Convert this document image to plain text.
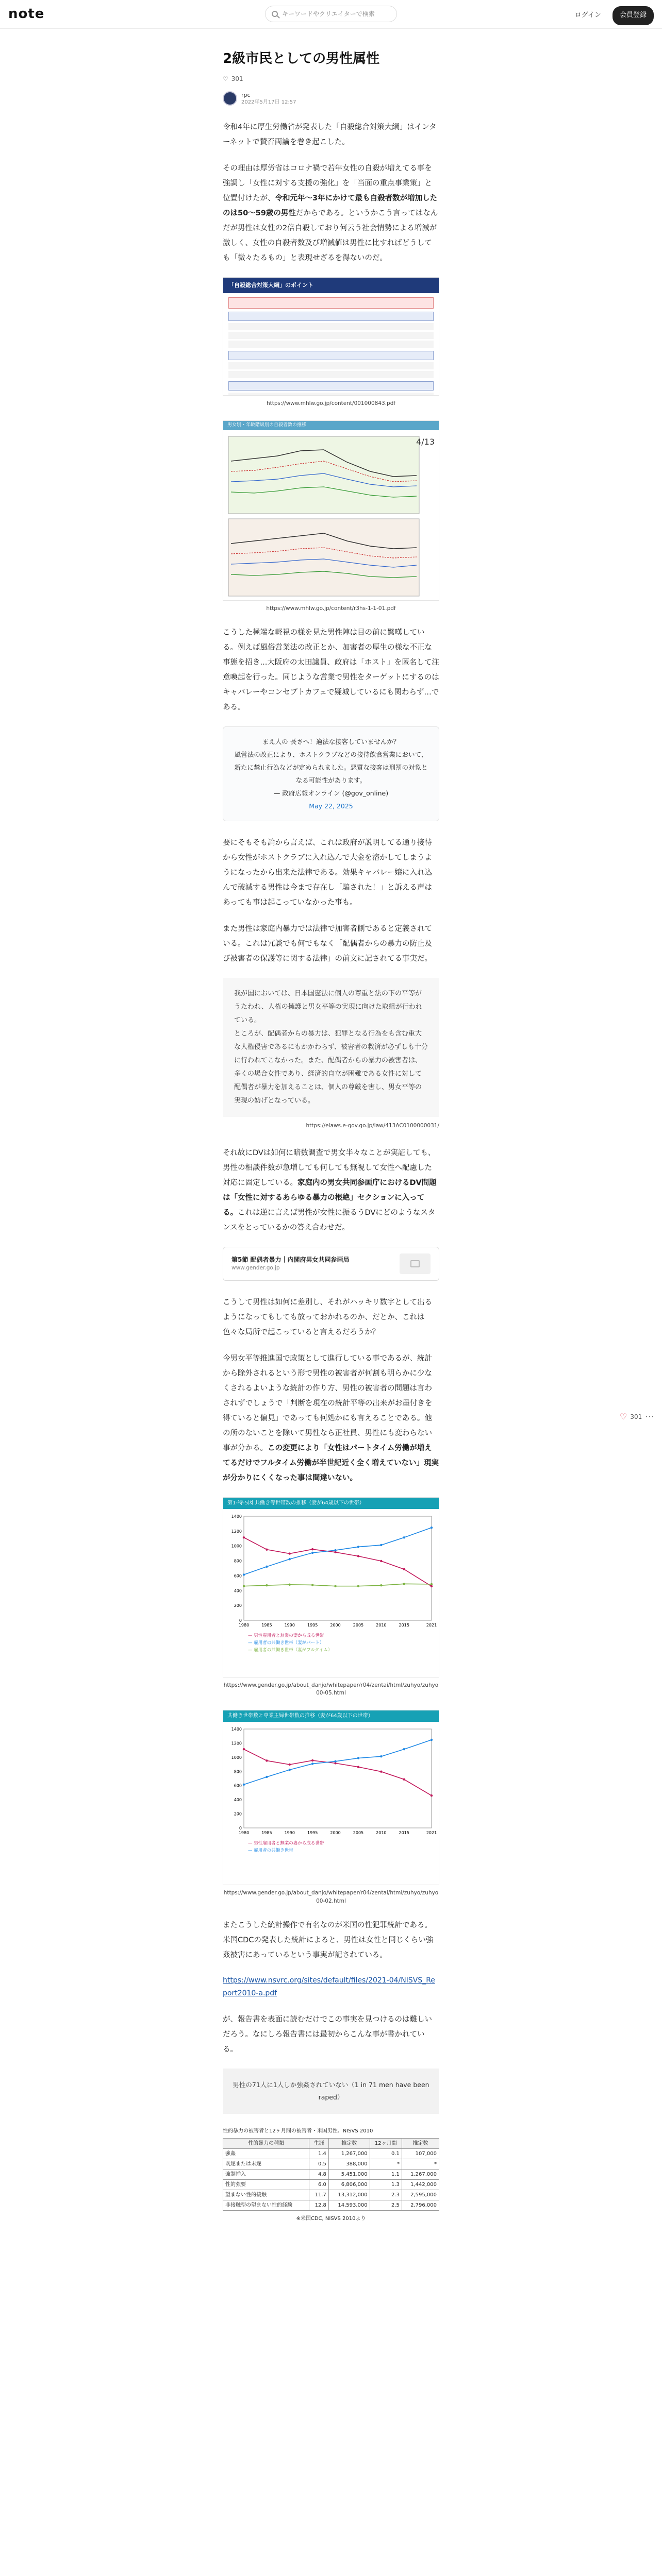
note	キーワードやクリエイターで検索	ログイン	会員登録
♡ 301 ···
2級市民としての男性属性
♡ 301
rpc
2022年5月17日 12:57

令和4年に厚生労働省が発表した「自殺総合対策大綱」はインターネットで賛否両論を巻き起こした。

その理由は厚労省はコロナ禍で若年女性の自殺が増えてる事を強調し「女性に対する支援の強化」を「当面の重点事業策」と位置付けたが、令和元年〜3年にかけて最も自殺者数が増加したのは50〜59歳の男性だからである。というかこう言ってはなんだが男性は女性の2倍自殺しており何云う社会情勢による増減が激しく、女性の自殺者数及び増減値は男性に比すればどうしても「微々たるもの」と表現せざるを得ないのだ。

「自殺総合対策大綱」のポイント
https://www.mhlw.go.jp/content/001000843.pdf
男女別・年齢階級別の自殺者数の推移
4/13
https://www.mhlw.go.jp/content/r3hs-1-1-01.pdf

こうした極端な軽視の様を見た男性陣は目の前に驚嘆している。例えば風俗営業法の改正とか、加害者の厚生の様な不正な事態を招き...大阪府の太田議員、政府は「ホスト」を匿名して注意喚起を行った。同じような営業で男性をターゲットにするのはキャバレーやコンセプトカフェで疑城しているにも関わらず…である。

まえ人の 長さへ！適法な接客していませんか？
風営法の改正により、ホストクラブなどの接待飲食営業において、新たに禁止行為などが定められました。悪質な接客は刑罰の対象となる可能性があります。
— 政府広報オンライン (@gov_online)
May 22, 2025

要にそもそも論から言えば、これは政府が説明してる通り接待から女性がホストクラブに入れ込んで大金を溶かしてしまうようになったから出来た法律である。効果キャバレー嬢に入れ込んで破滅する男性は今まで存在し「騙された！」と訴える声はあっても事は起こっていなかった事も。

また男性は家庭内暴力では法律で加害者側であると定義されている。これは冗談でも何でもなく「配偶者からの暴力の防止及び被害者の保護等に関する法律」の前文に記されてる事実だ。

我が国においては、日本国憲法に個人の尊重と法の下の平等がうたわれ、人権の擁護と男女平等の実現に向けた取組が行われている。
ところが、配偶者からの暴力は、犯罪となる行為をも含む重大な人権侵害であるにもかかわらず、被害者の救済が必ずしも十分に行われてこなかった。また、配偶者からの暴力の被害者は、多くの場合女性であり、経済的自立が困難である女性に対して配偶者が暴力を加えることは、個人の尊厳を害し、男女平等の実現の妨げとなっている。
https://elaws.e-gov.go.jp/law/413AC0100000031/

それ故にDVは如何に暗数調査で男女半々なことが実証しても、男性の相談件数が急増しても何しても無視して女性へ配慮した対応に固定している。家庭内の男女共同参画庁におけるDV問題は「女性に対するあらゆる暴力の根絶」セクションに入ってる。これは逆に言えば男性が女性に振るうDVにどのようなスタンスをとっているかの答え合わせだ。

第5節 配偶者暴力｜内閣府男女共同参画局
www.gender.go.jp

こうして男性は如何に差別し、それがハッキリ数字として出るようになってもしても放っておかれるのか、だとか、これは色々な局所で起こっていると言えるだろうか？

今男女平等推進国で政策として進行している事であるが、統計から除外されるという形で男性の被害者が何割も明らかに少なくされるよいような統計の作り方、男性の被害者の問題は言わされずでしょうで「判断を現在の統計平等の出来がお墨付きを得ていると偏見」であっても何処かにも言えることである。他の所のないことを除いて男性なら正社員、男性にも変わらない事が分かる。この変更により「女性はパートタイム労働が増えてるだけでフルタイム労働が半世紀近く全く増えていない」現実が分かりにくくなった事は間違いない。

第1-特-5図 共働き等世帯数の推移（妻が64歳以下の世帯）
0
200
400
600
800
1000
1200
1400
1980	1985	1990	1995	2000	2005	2010	2015	2021
— 男性雇用者と無業の妻から成る世帯
— 雇用者の共働き世帯（妻がパート）
— 雇用者の共働き世帯（妻がフルタイム）
https://www.gender.go.jp/about_danjo/whitepaper/r04/zentai/html/zuhyo/zuhyo00-05.html
共働き世帯数と専業主婦世帯数の推移（妻が64歳以下の世帯）
0
200
400
600
800
1000
1200
1400
1980	1985	1990	1995	2000	2005	2010	2015	2021
— 男性雇用者と無業の妻から成る世帯
— 雇用者の共働き世帯
https://www.gender.go.jp/about_danjo/whitepaper/r04/zentai/html/zuhyo/zuhyo00-02.html

またこうした統計操作で有名なのが米国の性犯罪統計である。米国CDCの発表した統計によると、男性は女性と同じくらい強姦被害にあっているという事実が記されている。

https://www.nsvrc.org/sites/default/files/2021-04/NISVS_Report2010-a.pdf

が、報告書を表面に読むだけでこの事実を見つけるのは難しいだろう。なにしろ報告書には最初からこんな事が書かれている。

男性の71人に1人しか強姦されていない（1 in 71 men have been raped）
性的暴力の被害者と12ヶ月間の被害者・米国男性、NISVS 2010
性的暴力の種類	生涯	推定数	12ヶ月間	推定数
強姦	1.4	1,267,000	0.1	107,000
既遂または未遂	0.5	388,000	*	*
強制挿入	4.8	5,451,000	1.1	1,267,000
性的強要	6.0	6,806,000	1.3	1,442,000
望まない性的接触	11.7	13,312,000	2.3	2,595,000
非接触型の望まない性的経験	12.8	14,593,000	2.5	2,796,000
※米国CDC, NISVS 2010より
